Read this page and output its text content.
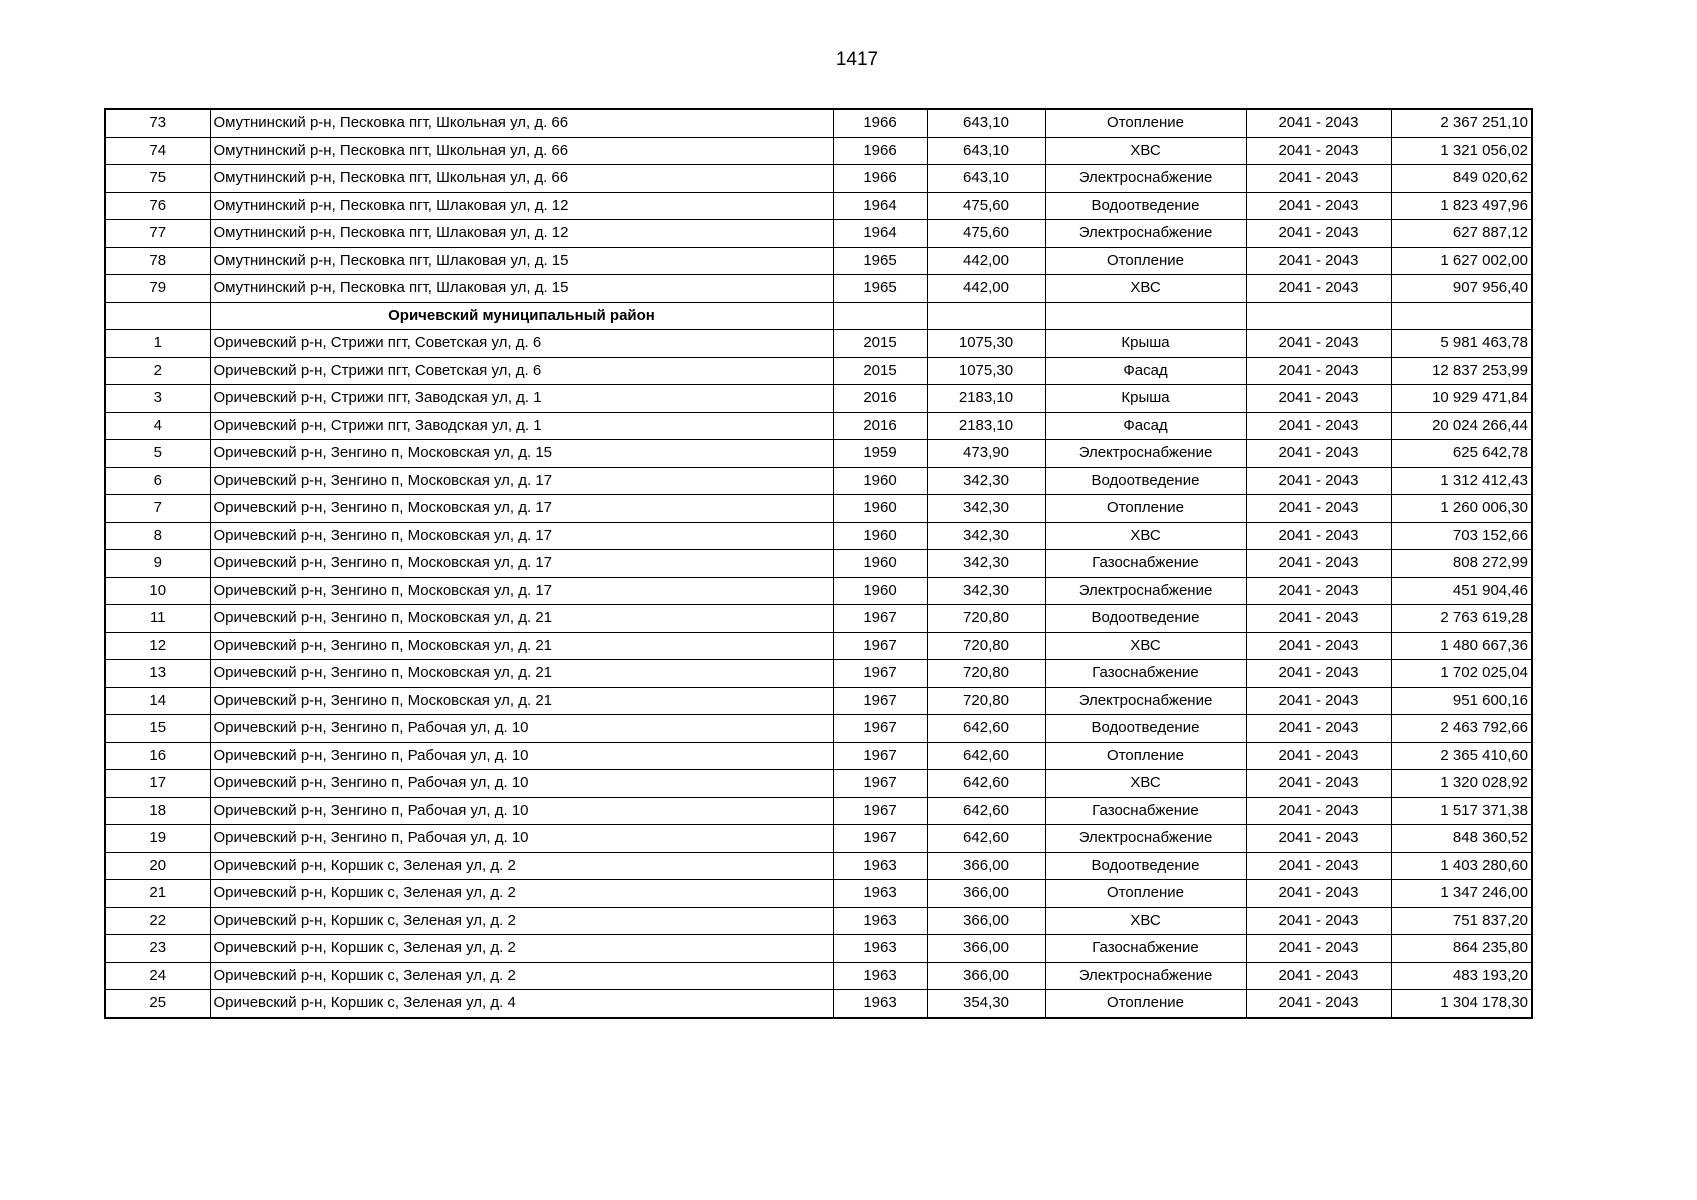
1417
73	Омутнинский р-н, Песковка пгт, Школьная ул, д. 66	1966	643,10	Отопление	2041 - 2043	2 367 251,10
74	Омутнинский р-н, Песковка пгт, Школьная ул, д. 66	1966	643,10	ХВС	2041 - 2043	1 321 056,02
75	Омутнинский р-н, Песковка пгт, Школьная ул, д. 66	1966	643,10	Электроснабжение	2041 - 2043	849 020,62
76	Омутнинский р-н, Песковка пгт, Шлаковая ул, д. 12	1964	475,60	Водоотведение	2041 - 2043	1 823 497,96
77	Омутнинский р-н, Песковка пгт, Шлаковая ул, д. 12	1964	475,60	Электроснабжение	2041 - 2043	627 887,12
78	Омутнинский р-н, Песковка пгт, Шлаковая ул, д. 15	1965	442,00	Отопление	2041 - 2043	1 627 002,00
79	Омутнинский р-н, Песковка пгт, Шлаковая ул, д. 15	1965	442,00	ХВС	2041 - 2043	907 956,40
	Оричевский муниципальный район					
1	Оричевский р-н, Стрижи пгт, Советская ул, д. 6	2015	1075,30	Крыша	2041 - 2043	5 981 463,78
2	Оричевский р-н, Стрижи пгт, Советская ул, д. 6	2015	1075,30	Фасад	2041 - 2043	12 837 253,99
3	Оричевский р-н, Стрижи пгт, Заводская ул, д. 1	2016	2183,10	Крыша	2041 - 2043	10 929 471,84
4	Оричевский р-н, Стрижи пгт, Заводская ул, д. 1	2016	2183,10	Фасад	2041 - 2043	20 024 266,44
5	Оричевский р-н, Зенгино п, Московская ул, д. 15	1959	473,90	Электроснабжение	2041 - 2043	625 642,78
6	Оричевский р-н, Зенгино п, Московская ул, д. 17	1960	342,30	Водоотведение	2041 - 2043	1 312 412,43
7	Оричевский р-н, Зенгино п, Московская ул, д. 17	1960	342,30	Отопление	2041 - 2043	1 260 006,30
8	Оричевский р-н, Зенгино п, Московская ул, д. 17	1960	342,30	ХВС	2041 - 2043	703 152,66
9	Оричевский р-н, Зенгино п, Московская ул, д. 17	1960	342,30	Газоснабжение	2041 - 2043	808 272,99
10	Оричевский р-н, Зенгино п, Московская ул, д. 17	1960	342,30	Электроснабжение	2041 - 2043	451 904,46
11	Оричевский р-н, Зенгино п, Московская ул, д. 21	1967	720,80	Водоотведение	2041 - 2043	2 763 619,28
12	Оричевский р-н, Зенгино п, Московская ул, д. 21	1967	720,80	ХВС	2041 - 2043	1 480 667,36
13	Оричевский р-н, Зенгино п, Московская ул, д. 21	1967	720,80	Газоснабжение	2041 - 2043	1 702 025,04
14	Оричевский р-н, Зенгино п, Московская ул, д. 21	1967	720,80	Электроснабжение	2041 - 2043	951 600,16
15	Оричевский р-н, Зенгино п, Рабочая ул, д. 10	1967	642,60	Водоотведение	2041 - 2043	2 463 792,66
16	Оричевский р-н, Зенгино п, Рабочая ул, д. 10	1967	642,60	Отопление	2041 - 2043	2 365 410,60
17	Оричевский р-н, Зенгино п, Рабочая ул, д. 10	1967	642,60	ХВС	2041 - 2043	1 320 028,92
18	Оричевский р-н, Зенгино п, Рабочая ул, д. 10	1967	642,60	Газоснабжение	2041 - 2043	1 517 371,38
19	Оричевский р-н, Зенгино п, Рабочая ул, д. 10	1967	642,60	Электроснабжение	2041 - 2043	848 360,52
20	Оричевский р-н, Коршик с, Зеленая ул, д. 2	1963	366,00	Водоотведение	2041 - 2043	1 403 280,60
21	Оричевский р-н, Коршик с, Зеленая ул, д. 2	1963	366,00	Отопление	2041 - 2043	1 347 246,00
22	Оричевский р-н, Коршик с, Зеленая ул, д. 2	1963	366,00	ХВС	2041 - 2043	751 837,20
23	Оричевский р-н, Коршик с, Зеленая ул, д. 2	1963	366,00	Газоснабжение	2041 - 2043	864 235,80
24	Оричевский р-н, Коршик с, Зеленая ул, д. 2	1963	366,00	Электроснабжение	2041 - 2043	483 193,20
25	Оричевский р-н, Коршик с, Зеленая ул, д. 4	1963	354,30	Отопление	2041 - 2043	1 304 178,30
